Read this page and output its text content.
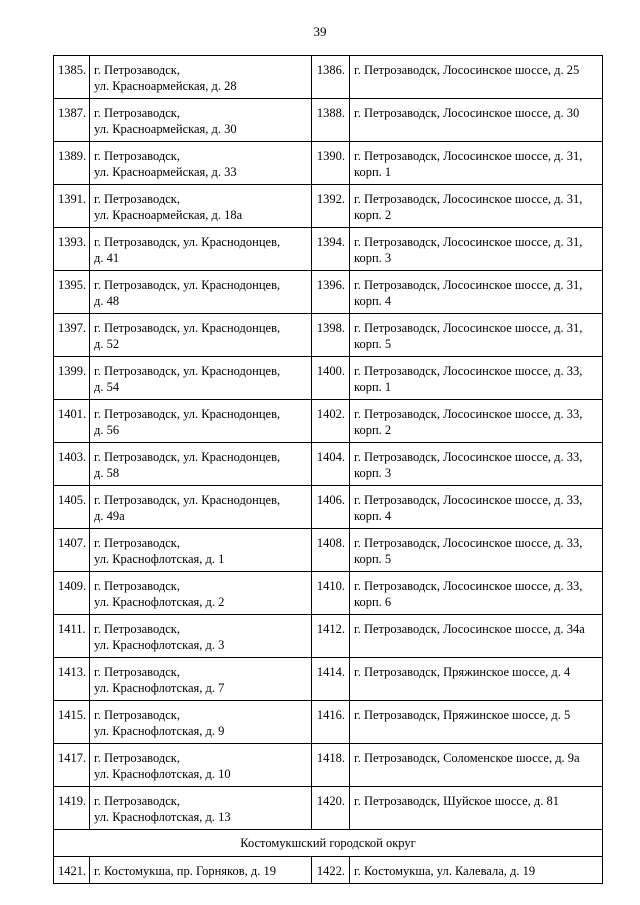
39
1385.	г. Петрозаводск,
ул. Красноармейская, д. 28	1386.	г. Петрозаводск, Лососинское шоссе, д. 25

1387.	г. Петрозаводск,
ул. Красноармейская, д. 30	1388.	г. Петрозаводск, Лососинское шоссе, д. 30

1389.	г. Петрозаводск,
ул. Красноармейская, д. 33	1390.	г. Петрозаводск, Лососинское шоссе, д. 31,
корп. 1

1391.	г. Петрозаводск,
ул. Красноармейская, д. 18а	1392.	г. Петрозаводск, Лососинское шоссе, д. 31,
корп. 2

1393.	г. Петрозаводск, ул. Краснодонцев,
д. 41	1394.	г. Петрозаводск, Лососинское шоссе, д. 31,
корп. 3

1395.	г. Петрозаводск, ул. Краснодонцев,
д. 48	1396.	г. Петрозаводск, Лососинское шоссе, д. 31,
корп. 4

1397.	г. Петрозаводск, ул. Краснодонцев,
д. 52	1398.	г. Петрозаводск, Лососинское шоссе, д. 31,
корп. 5

1399.	г. Петрозаводск, ул. Краснодонцев,
д. 54	1400.	г. Петрозаводск, Лососинское шоссе, д. 33,
корп. 1

1401.	г. Петрозаводск, ул. Краснодонцев,
д. 56	1402.	г. Петрозаводск, Лососинское шоссе, д. 33,
корп. 2

1403.	г. Петрозаводск, ул. Краснодонцев,
д. 58	1404.	г. Петрозаводск, Лососинское шоссе, д. 33,
корп. 3

1405.	г. Петрозаводск, ул. Краснодонцев,
д. 49а	1406.	г. Петрозаводск, Лососинское шоссе, д. 33,
корп. 4

1407.	г. Петрозаводск,
ул. Краснофлотская, д. 1	1408.	г. Петрозаводск, Лососинское шоссе, д. 33,
корп. 5

1409.	г. Петрозаводск,
ул. Краснофлотская, д. 2	1410.	г. Петрозаводск, Лососинское шоссе, д. 33,
корп. 6

1411.	г. Петрозаводск,
ул. Краснофлотская, д. 3	1412.	г. Петрозаводск, Лососинское шоссе, д. 34а

1413.	г. Петрозаводск,
ул. Краснофлотская, д. 7	1414.	г. Петрозаводск, Пряжинское шоссе, д. 4

1415.	г. Петрозаводск,
ул. Краснофлотская, д. 9	1416.	г. Петрозаводск, Пряжинское шоссе, д. 5

1417.	г. Петрозаводск,
ул. Краснофлотская, д. 10	1418.	г. Петрозаводск, Соломенское шоссе, д. 9а

1419.	г. Петрозаводск,
ул. Краснофлотская, д. 13	1420.	г. Петрозаводск, Шуйское шоссе, д. 81

Костомукшский городской округ			
1421.	г. Костомукша, пр. Горняков, д. 19	1422.	г. Костомукша, ул. Калевала, д. 19
